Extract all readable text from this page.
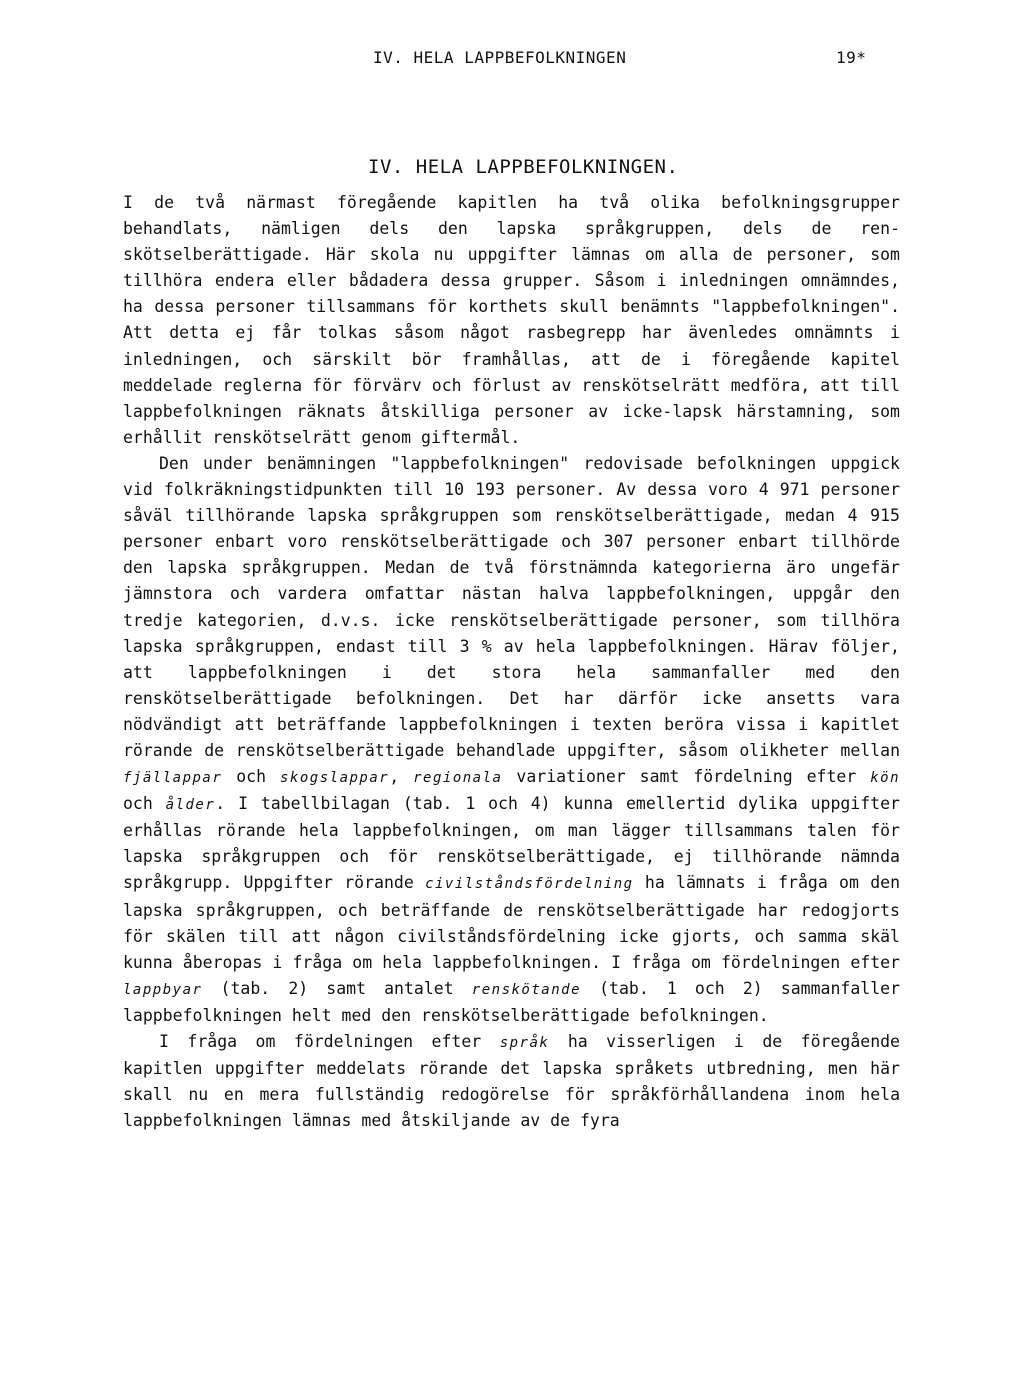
IV. HELA LAPPBEFOLKNINGEN	19*
IV. HELA LAPPBEFOLKNINGEN.

I de två närmast föregående kapitlen ha två olika befolkningsgrupper behandlats, nämligen dels den lapska språkgruppen, dels de renskötselberättigade. Här skola nu uppgifter lämnas om alla de personer, som tillhöra endera eller bådadera dessa grupper. Såsom i inledningen omnämndes, ha dessa personer tillsammans för korthets skull benämnts "lappbefolkningen". Att detta ej får tolkas såsom något rasbegrepp har ävenledes omnämnts i inledningen, och särskilt bör framhållas, att de i föregående kapitel meddelade reglerna för förvärv och förlust av renskötselrätt medföra, att till lappbefolkningen räknats åtskilliga personer av icke-lapsk härstamning, som erhållit renskötselrätt genom giftermål.

Den under benämningen "lappbefolkningen" redovisade befolkningen uppgick vid folkräkningstidpunkten till 10 193 personer. Av dessa voro 4 971 personer såväl tillhörande lapska språkgruppen som renskötselberättigade, medan 4 915 personer enbart voro renskötselberättigade och 307 personer enbart tillhörde den lapska språkgruppen. Medan de två förstnämnda kategorierna äro ungefär jämnstora och vardera omfattar nästan halva lappbefolkningen, uppgår den tredje kategorien, d.v.s. icke renskötselberättigade personer, som tillhöra lapska språkgruppen, endast till 3 % av hela lappbefolkningen. Härav följer, att lappbefolkningen i det stora hela sammanfaller med den renskötselberättigade befolkningen. Det har därför icke ansetts vara nödvändigt att beträffande lappbefolkningen i texten beröra vissa i kapitlet rörande de renskötselberättigade behandlade uppgifter, såsom olikheter mellan fjällappar och skogslappar, regionala variationer samt fördelning efter kön och ålder. I tabellbilagan (tab. 1 och 4) kunna emellertid dylika uppgifter erhållas rörande hela lappbefolkningen, om man lägger tillsammans talen för lapska språkgruppen och för renskötselberättigade, ej tillhörande nämnda språkgrupp. Uppgifter rörande civilståndsfördelning ha lämnats i fråga om den lapska språkgruppen, och beträffande de renskötselberättigade har redogjorts för skälen till att någon civilståndsfördelning icke gjorts, och samma skäl kunna åberopas i fråga om hela lappbefolkningen. I fråga om fördelningen efter lappbyar (tab. 2) samt antalet renskötande (tab. 1 och 2) sammanfaller lappbefolkningen helt med den renskötselberättigade befolkningen.

I fråga om fördelningen efter språk ha visserligen i de föregående kapitlen uppgifter meddelats rörande det lapska språkets utbredning, men här skall nu en mera fullständig redogörelse för språkförhållandena inom hela lappbefolkningen lämnas med åtskiljande av de fyra
